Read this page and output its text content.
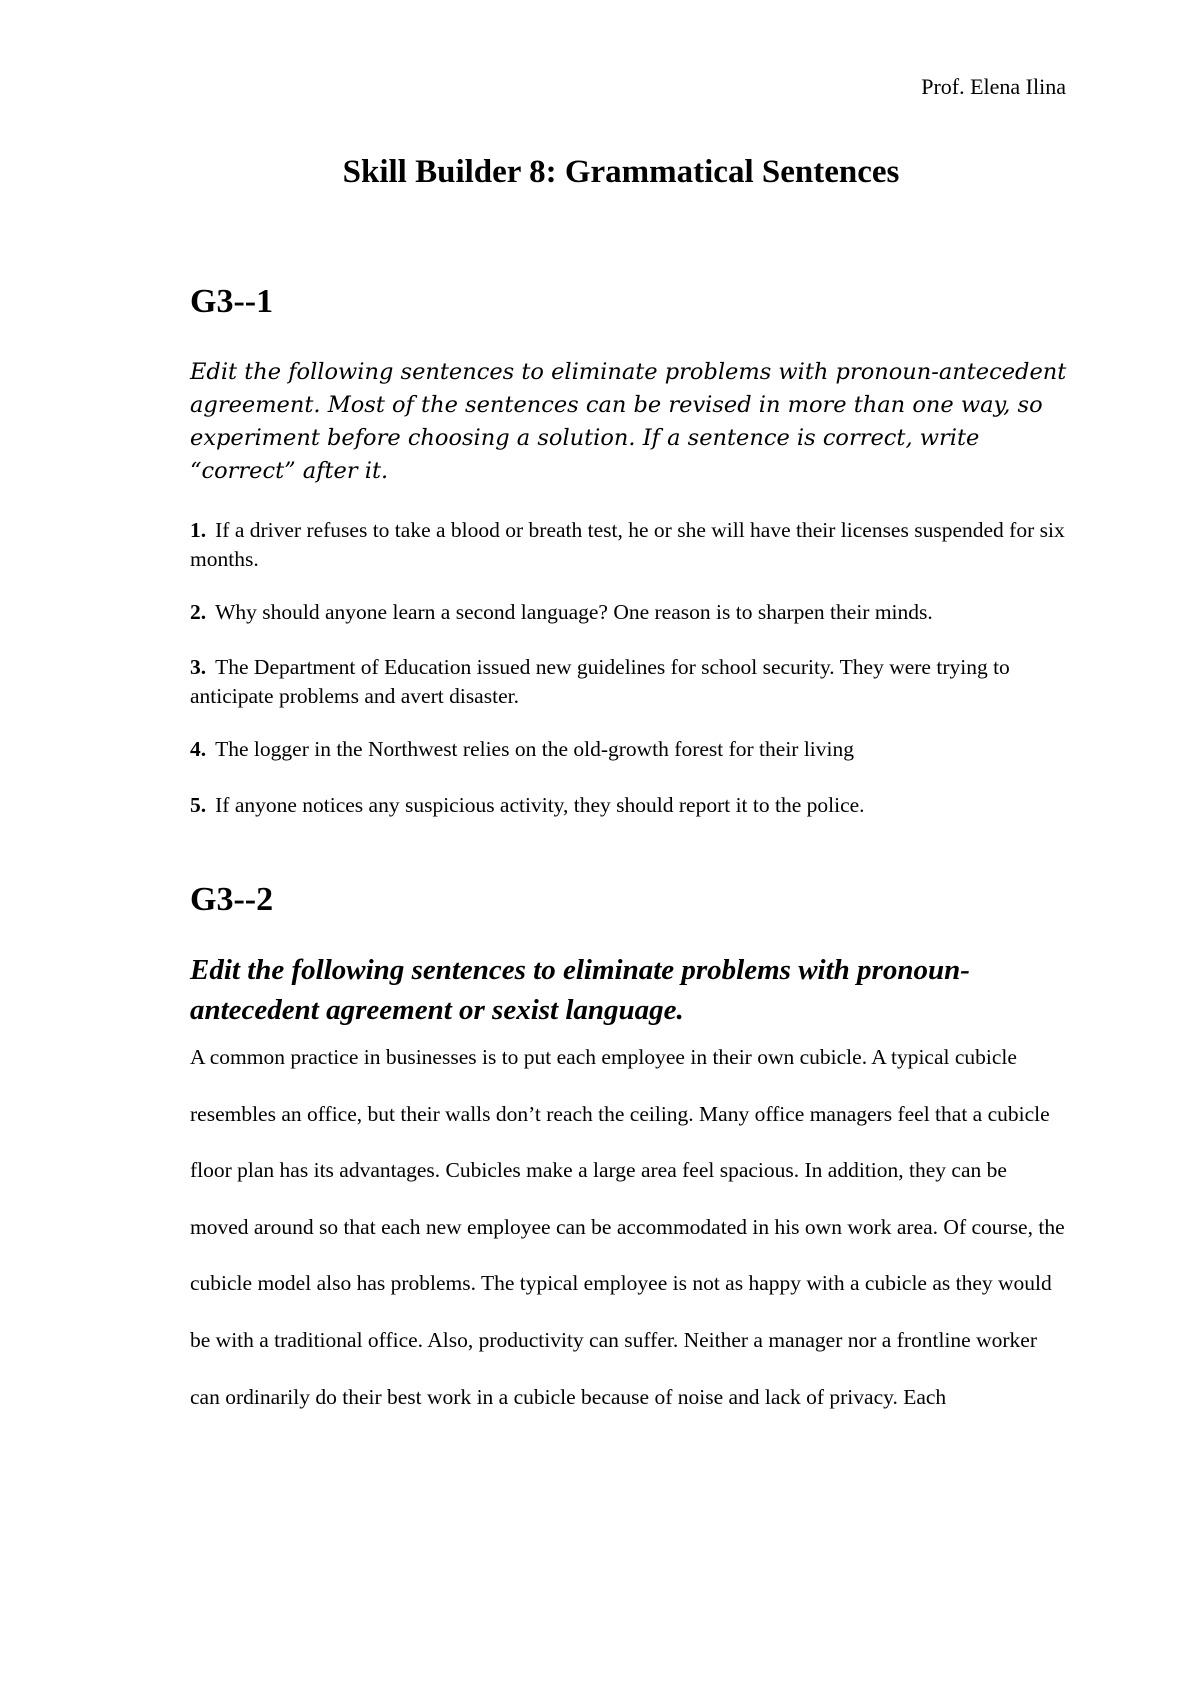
Prof. Elena Ilina
Skill Builder 8: Grammatical Sentences
G3--1

Edit the following sentences to eliminate problems with pronoun-antecedent agreement. Most of the sentences can be revised in more than one way, so experiment before choosing a solution. If a sentence is correct, write “correct” after it.

1. If a driver refuses to take a blood or breath test, he or she will have their licenses suspended for six months.

2. Why should anyone learn a second language? One reason is to sharpen their minds.

3. The Department of Education issued new guidelines for school security. They were trying to anticipate problems and avert disaster.

4. The logger in the Northwest relies on the old-growth forest for their living

5. If anyone notices any suspicious activity, they should report it to the police.

G3--2

Edit the following sentences to eliminate problems with pronoun-antecedent agreement or sexist language.

A common practice in businesses is to put each employee in their own cubicle. A typical cubicle resembles an office, but their walls don’t reach the ceiling. Many office managers feel that a cubicle floor plan has its advantages. Cubicles make a large area feel spacious. In addition, they can be moved around so that each new employee can be accommodated in his own work area. Of course, the cubicle model also has problems. The typical employee is not as happy with a cubicle as they would be with a traditional office. Also, productivity can suffer. Neither a manager nor a frontline worker can ordinarily do their best work in a cubicle because of noise and lack of privacy. Each
